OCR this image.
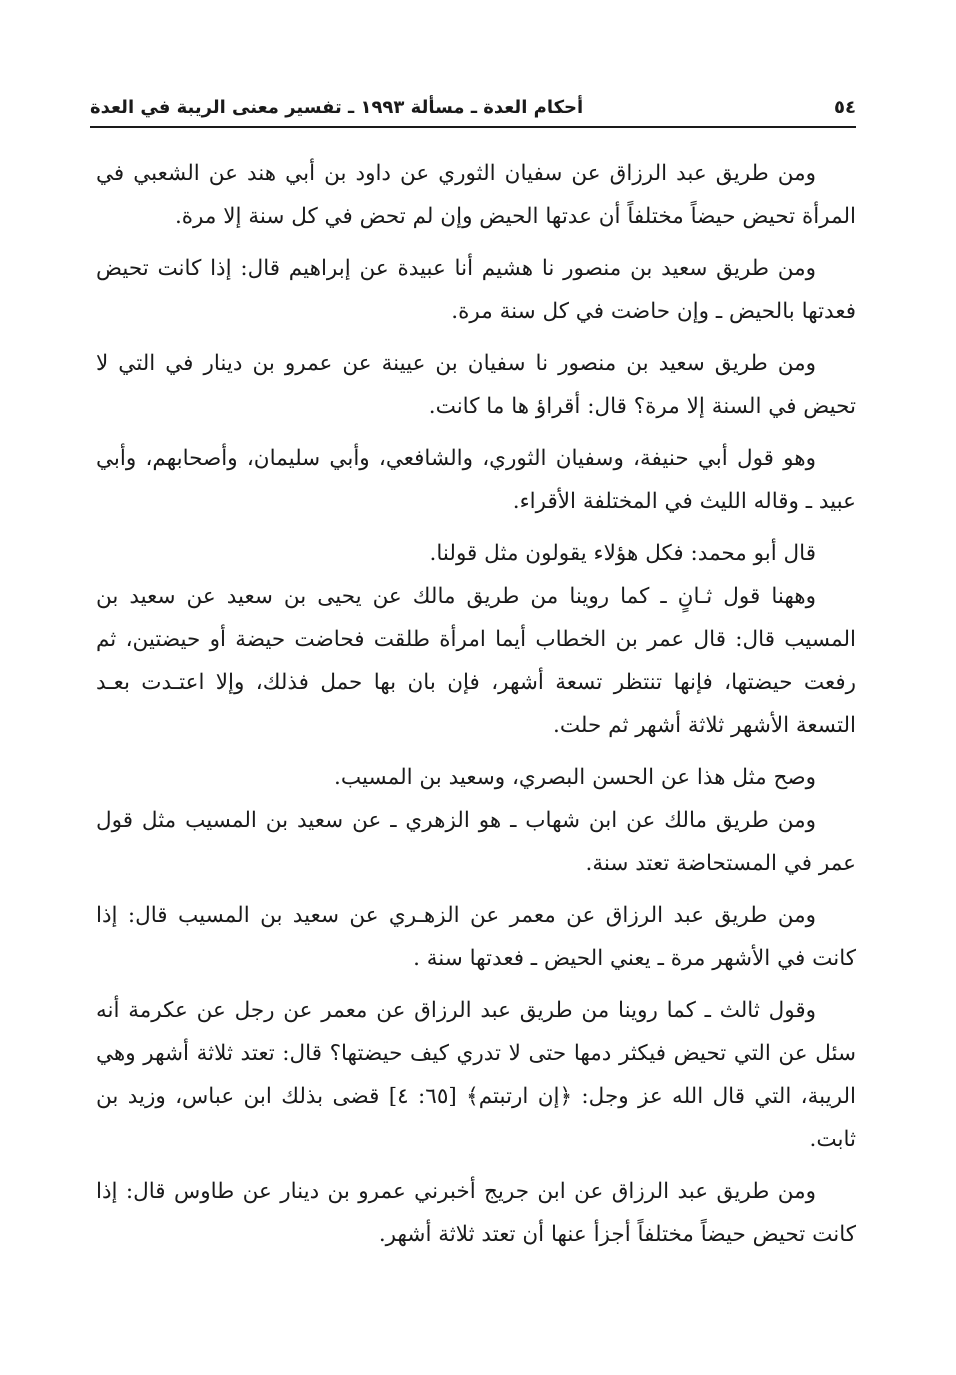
٥٤
أحكام العدة ـ مسألة ١٩٩٣ ـ تفسير معنى الريبة في العدة

ومن طريق عبد الرزاق عن سفيان الثوري عن داود بن أبي هند عن الشعبي في المرأة تحيض حيضاً مختلفاً أن عدتها الحيض وإن لم تحض في كل سنة إلا مرة.

ومن طريق سعيد بن منصور نا هشيم أنا عبيدة عن إبراهيم قال: إذا كانت تحيض فعدتها بالحيض ـ وإن حاضت في كل سنة مرة.

ومن طريق سعيد بن منصور نا سفيان بن عيينة عن عمرو بن دينار في التي لا تحيض في السنة إلا مرة؟ قال: أقراؤ ها ما كانت.

وهو قول أبي حنيفة، وسفيان الثوري، والشافعي، وأبي سليمان، وأصحابهم، وأبي عبيد ـ وقاله الليث في المختلفة الأقراء.

قال أبو محمد: فكل هؤلاء يقولون مثل قولنا.

وههنا قول ثـانٍ ـ كما روينا من طريق مالك عن يحيى بن سعيد عن سعيد بن المسيب قال: قال عمر بن الخطاب أيما امرأة طلقت فحاضت حيضة أو حيضتين، ثم رفعت حيضتها، فإنها تنتظر تسعة أشهر، فإن بان بها حمل فذلك، وإلا اعتـدت بعـد التسعة الأشهر ثلاثة أشهر ثم حلت.

وصح مثل هذا عن الحسن البصري، وسعيد بن المسيب.

ومن طريق مالك عن ابن شهاب ـ هو الزهري ـ عن سعيد بن المسيب مثل قول عمر في المستحاضة تعتد سنة.

ومن طريق عبد الرزاق عن معمر عن الزهـري عن سعيد بن المسيب قال: إذا كانت في الأشهر مرة ـ يعني الحيض ـ فعدتها سنة .

وقول ثالث ـ كما روينا من طريق عبد الرزاق عن معمر عن رجل عن عكرمة أنه سئل عن التي تحيض فيكثر دمها حتى لا تدري كيف حيضتها؟ قال: تعتد ثلاثة أشهر وهي الريبة، التي قال الله عز وجل: ﴿إن ارتبتم﴾ [٦٥: ٤] قضى بذلك ابن عباس، وزيد بن ثابت.

ومن طريق عبد الرزاق عن ابن جريج أخبرني عمرو بن دينار عن طاوس قال: إذا كانت تحيض حيضاً مختلفاً أجزأ عنها أن تعتد ثلاثة أشهر.
